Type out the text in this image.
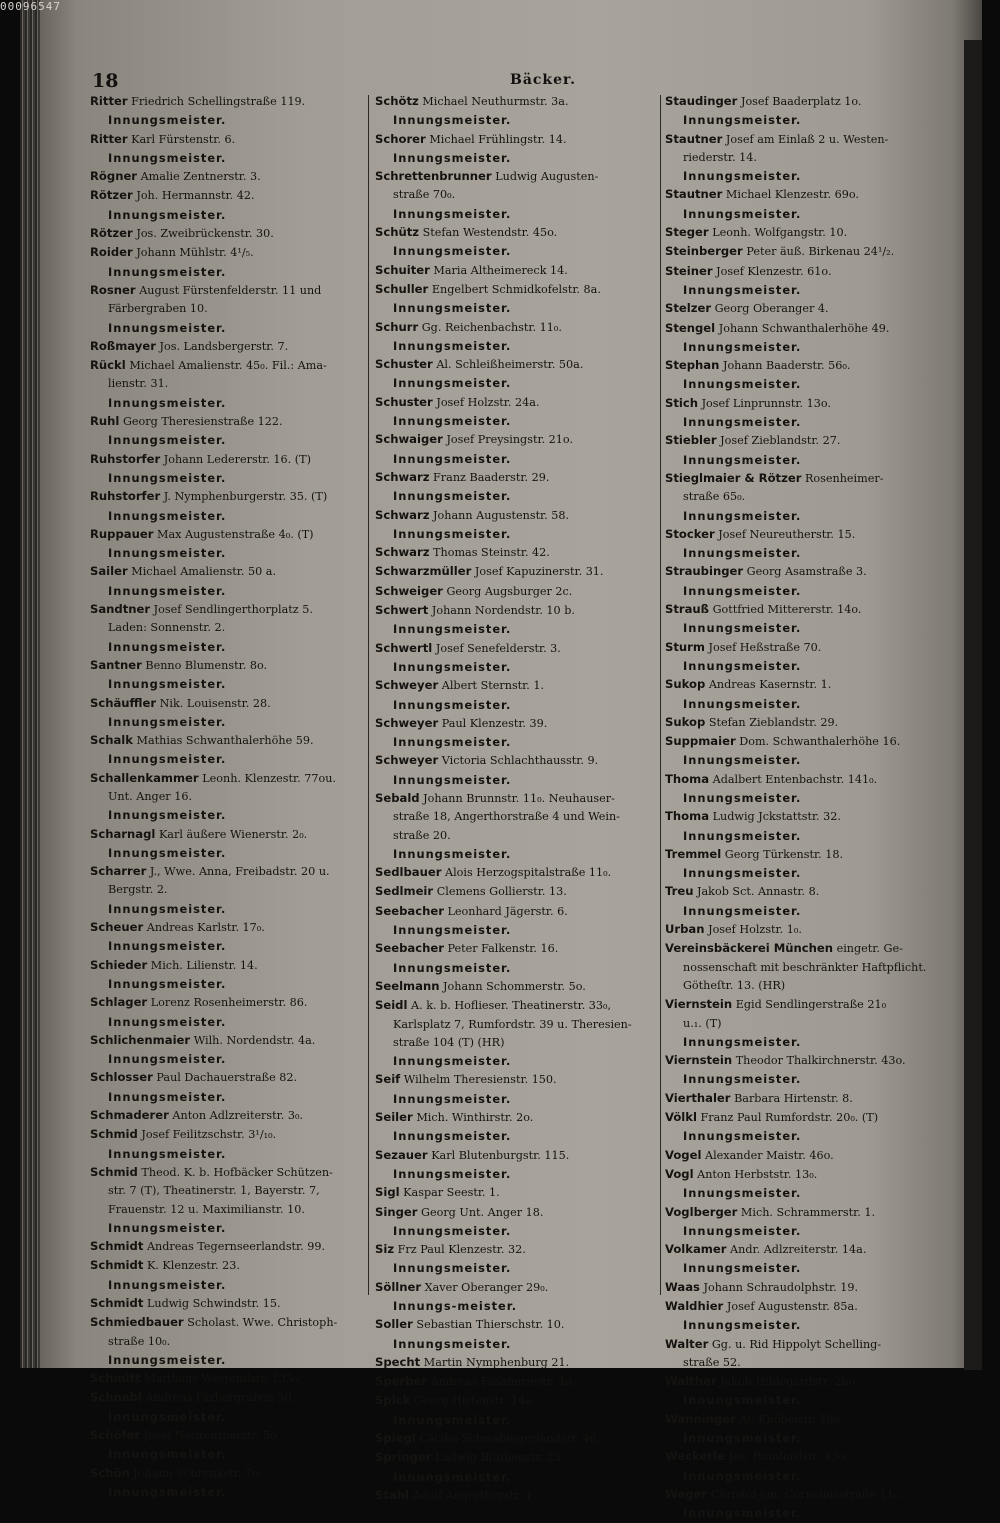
00096547
18	Bäcker.
Ritter Friedrich Schellingstraße 119.
Innungsmeister.
Ritter Karl Fürstenstr. 6.
Innungsmeister.
Rögner Amalie Zentnerstr. 3.
Rötzer Joh. Hermannstr. 42.
Innungsmeister.
Rötzer Jos. Zweibrückenstr. 30.
Roider Johann Mühlstr. 4¹/₅.
Innungsmeister.
Rosner August Fürstenfelderstr. 11 und
Färbergraben 10.
Innungsmeister.
Roßmayer Jos. Landsbergerstr. 7.
Rückl Michael Amalienstr. 45₀. Fil.: Ama-
lienstr. 31.
Innungsmeister.
Ruhl Georg Theresienstraße 122.
Innungsmeister.
Ruhstorfer Johann Ledererstr. 16. (T)
Innungsmeister.
Ruhstorfer J. Nymphenburgerstr. 35. (T)
Innungsmeister.
Ruppauer Max Augustenstraße 4₀. (T)
Innungsmeister.
Sailer Michael Amalienstr. 50 a.
Innungsmeister.
Sandtner Josef Sendlingerthorplatz 5.
Laden: Sonnenstr. 2.
Innungsmeister.
Santner Benno Blumenstr. 8o.
Innungsmeister.
Schäuffler Nik. Louisenstr. 28.
Innungsmeister.
Schalk Mathias Schwanthalerhöhe 59.
Innungsmeister.
Schallenkammer Leonh. Klenzestr. 77ou.
Unt. Anger 16.
Innungsmeister.
Scharnagl Karl äußere Wienerstr. 2₀.
Innungsmeister.
Scharrer J., Wwe. Anna, Freibadstr. 20 u.
Bergstr. 2.
Innungsmeister.
Scheuer Andreas Karlstr. 17₀.
Innungsmeister.
Schieder Mich. Lilienstr. 14.
Innungsmeister.
Schlager Lorenz Rosenheimerstr. 86.
Innungsmeister.
Schlichenmaier Wilh. Nordendstr. 4a.
Innungsmeister.
Schlosser Paul Dachauerstraße 82.
Innungsmeister.
Schmaderer Anton Adlzreiterstr. 3₀.
Schmid Josef Feilitzschstr. 3¹/₁₀.
Innungsmeister.
Schmid Theod. K. b. Hofbäcker Schützen-
str. 7 (T), Theatinerstr. 1, Bayerstr. 7,
Frauenstr. 12 u. Maximilianstr. 10.
Innungsmeister.
Schmidt Andreas Tegernseerlandstr. 99.
Schmidt K. Klenzestr. 23.
Innungsmeister.
Schmidt Ludwig Schwindstr. 15.
Schmiedbauer Scholast. Wwe. Christoph-
straße 10₀.
Innungsmeister.
Schmitt Matthäus Westendstr. 135₀.
Schnabl Andreas Färbergraben 30.
Innungsmeister.
Schöfer Josef Neureutherstr. 5o.
Innungsmeister.
Schön Johann Schrenkstr. 7o.
Innungsmeister.
Schötz Michael Neuthurmstr. 3a.
Innungsmeister.
Schorer Michael Frühlingstr. 14.
Innungsmeister.
Schrettenbrunner Ludwig Augusten-
straße 70₀.
Innungsmeister.
Schütz Stefan Westendstr. 45o.
Innungsmeister.
Schuiter Maria Altheimereck 14.
Schuller Engelbert Schmidkofelstr. 8a.
Innungsmeister.
Schurr Gg. Reichenbachstr. 11₀.
Innungsmeister.
Schuster Al. Schleißheimerstr. 50a.
Innungsmeister.
Schuster Josef Holzstr. 24a.
Innungsmeister.
Schwaiger Josef Preysingstr. 21o.
Innungsmeister.
Schwarz Franz Baaderstr. 29.
Innungsmeister.
Schwarz Johann Augustenstr. 58.
Innungsmeister.
Schwarz Thomas Steinstr. 42.
Schwarzmüller Josef Kapuzinerstr. 31.
Schweiger Georg Augsburger 2c.
Schwert Johann Nordendstr. 10 b.
Innungsmeister.
Schwertl Josef Senefelderstr. 3.
Innungsmeister.
Schweyer Albert Sternstr. 1.
Innungsmeister.
Schweyer Paul Klenzestr. 39.
Innungsmeister.
Schweyer Victoria Schlachthausstr. 9.
Innungsmeister.
Sebald Johann Brunnstr. 11₀. Neuhauser-
straße 18, Angerthorstraße 4 und Wein-
straße 20.
Innungsmeister.
Sedlbauer Alois Herzogspitalstraße 11₀.
Sedlmeir Clemens Gollierstr. 13.
Seebacher Leonhard Jägerstr. 6.
Innungsmeister.
Seebacher Peter Falkenstr. 16.
Innungsmeister.
Seelmann Johann Schommerstr. 5o.
Seidl A. k. b. Hoflieser. Theatinerstr. 33₀,
Karlsplatz 7, Rumfordstr. 39 u. Theresien-
straße 104 (T) (HR)
Innungsmeister.
Seif Wilhelm Theresienstr. 150.
Innungsmeister.
Seiler Mich. Winthirstr. 2o.
Innungsmeister.
Sezauer Karl Blutenburgstr. 115.
Innungsmeister.
Sigl Kaspar Seestr. 1.
Singer Georg Unt. Anger 18.
Innungsmeister.
Siz Frz Paul Klenzestr. 32.
Innungsmeister.
Söllner Xaver Oberanger 29₀.
Innungs-meister.
Soller Sebastian Thierschstr. 10.
Innungsmeister.
Specht Martin Nymphenburg 21.
Sperber Andreas Fasaneriestr. 4o.
Spick Georg Hirtenstr. 14a.
Innungsmeister.
Spiegl Cäcilie Schwabingerlandstr. 46.
Springer Ludwig Blüthenstr. 25.
Innungsmeister.
Stahl Adolf Angerthorstr. 1.
Staudinger Josef Baaderplatz 1o.
Innungsmeister.
Stautner Josef am Einlaß 2 u. Westen-
riederstr. 14.
Innungsmeister.
Stautner Michael Klenzestr. 69o.
Innungsmeister.
Steger Leonh. Wolfgangstr. 10.
Steinberger Peter äuß. Birkenau 24¹/₂.
Steiner Josef Klenzestr. 61o.
Innungsmeister.
Stelzer Georg Oberanger 4.
Stengel Johann Schwanthalerhöhe 49.
Innungsmeister.
Stephan Johann Baaderstr. 56₀.
Innungsmeister.
Stich Josef Linprunnstr. 13o.
Innungsmeister.
Stiebler Josef Zieblandstr. 27.
Innungsmeister.
Stieglmaier & Rötzer Rosenheimer-
straße 65₀.
Innungsmeister.
Stocker Josef Neureutherstr. 15.
Innungsmeister.
Straubinger Georg Asamstraße 3.
Innungsmeister.
Strauß Gottfried Mittererstr. 14o.
Innungsmeister.
Sturm Josef Heßstraße 70.
Innungsmeister.
Sukop Andreas Kasernstr. 1.
Innungsmeister.
Sukop Stefan Zieblandstr. 29.
Suppmaier Dom. Schwanthalerhöhe 16.
Innungsmeister.
Thoma Adalbert Entenbachstr. 141₀.
Innungsmeister.
Thoma Ludwig Jckstattstr. 32.
Innungsmeister.
Tremmel Georg Türkenstr. 18.
Innungsmeister.
Treu Jakob Sct. Annastr. 8.
Innungsmeister.
Urban Josef Holzstr. 1₀.
Vereinsbäckerei München eingetr. Ge-
nossenschaft mit beschränkter Haftpflicht.
Götheſtr. 13. (HR)
Viernstein Egid Sendlingerstraße 21₀
u.₁. (T)
Innungsmeister.
Viernstein Theodor Thalkirchnerstr. 43o.
Innungsmeister.
Vierthaler Barbara Hirtenstr. 8.
Völkl Franz Paul Rumfordstr. 20₀. (T)
Innungsmeister.
Vogel Alexander Maistr. 46o.
Vogl Anton Herbststr. 13₀.
Innungsmeister.
Voglberger Mich. Schrammerstr. 1.
Innungsmeister.
Volkamer Andr. Adlzreiterstr. 14a.
Innungsmeister.
Waas Johann Schraudolphstr. 19.
Waldhier Josef Augustenstr. 85a.
Innungsmeister.
Walter Gg. u. Rid Hippolyt Schelling-
straße 52.
Walther Jakob Hildegardstr. 2bo.
Innungsmeister.
Wanninger Al. Knöbelstr. 18o.
Innungsmeister.
Weckerle Jos. Rumfordstr. 43o.
Innungsmeister.
Weger Christof-jun. Corneliusstraße 11₀.
Innungsmeister.
